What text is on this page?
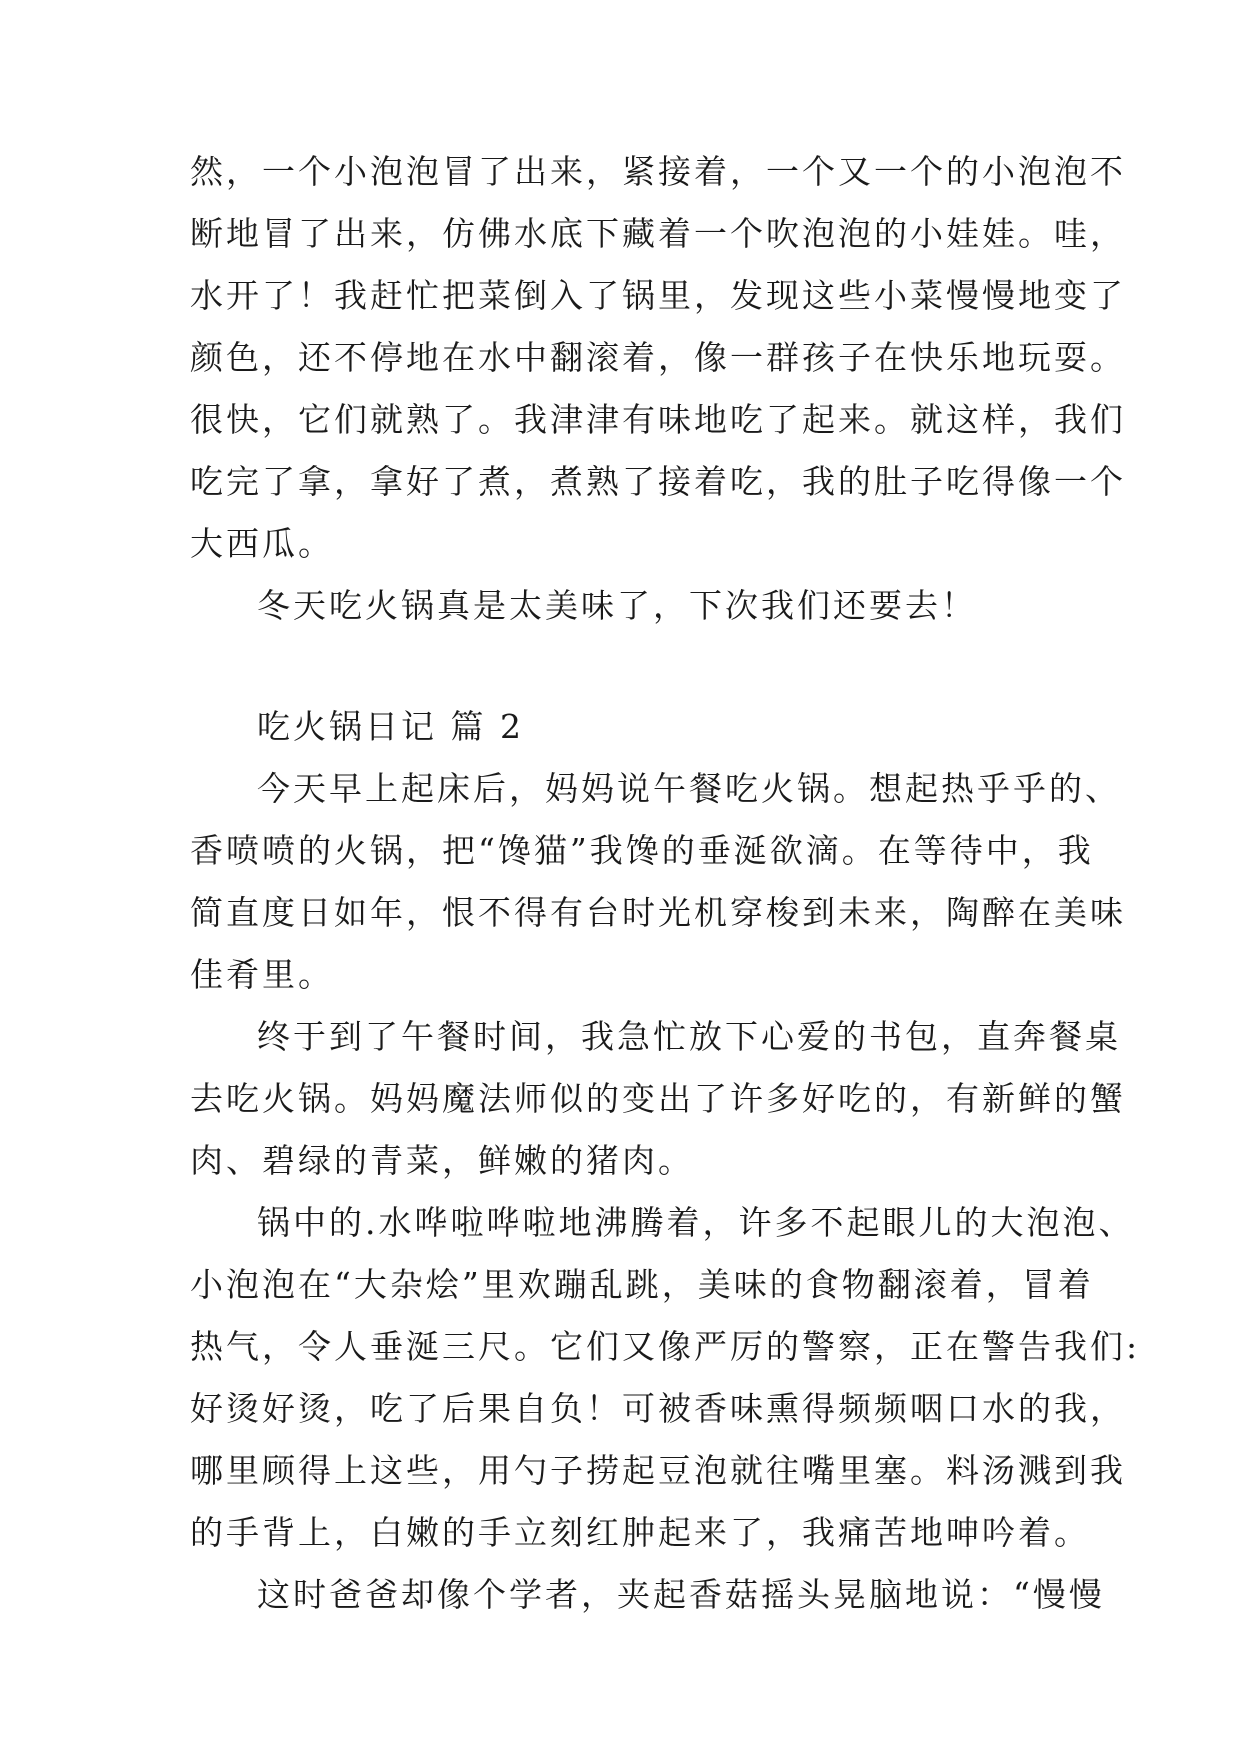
然，一个小泡泡冒了出来，紧接着，一个又一个的小泡泡不
断地冒了出来，仿佛水底下藏着一个吹泡泡的小娃娃。哇，
水开了！我赶忙把菜倒入了锅里，发现这些小菜慢慢地变了
颜色，还不停地在水中翻滚着，像一群孩子在快乐地玩耍。
很快，它们就熟了。我津津有味地吃了起来。就这样，我们
吃完了拿，拿好了煮，煮熟了接着吃，我的肚子吃得像一个
大西瓜。
冬天吃火锅真是太美味了，下次我们还要去！
吃火锅日记 篇 2
今天早上起床后，妈妈说午餐吃火锅。想起热乎乎的、
香喷喷的火锅，把“馋猫”我馋的垂涎欲滴。在等待中，我
简直度日如年，恨不得有台时光机穿梭到未来，陶醉在美味
佳肴里。
终于到了午餐时间，我急忙放下心爱的书包，直奔餐桌
去吃火锅。妈妈魔法师似的变出了许多好吃的，有新鲜的蟹
肉、碧绿的青菜，鲜嫩的猪肉。
锅中的.水哗啦哗啦地沸腾着，许多不起眼儿的大泡泡、
小泡泡在“大杂烩”里欢蹦乱跳，美味的食物翻滚着，冒着
热气，令人垂涎三尺。它们又像严厉的警察，正在警告我们:
好烫好烫，吃了后果自负！可被香味熏得频频咽口水的我，
哪里顾得上这些，用勺子捞起豆泡就往嘴里塞。料汤溅到我
的手背上，白嫩的手立刻红肿起来了，我痛苦地呻吟着。
这时爸爸却像个学者，夹起香菇摇头晃脑地说：“慢慢
